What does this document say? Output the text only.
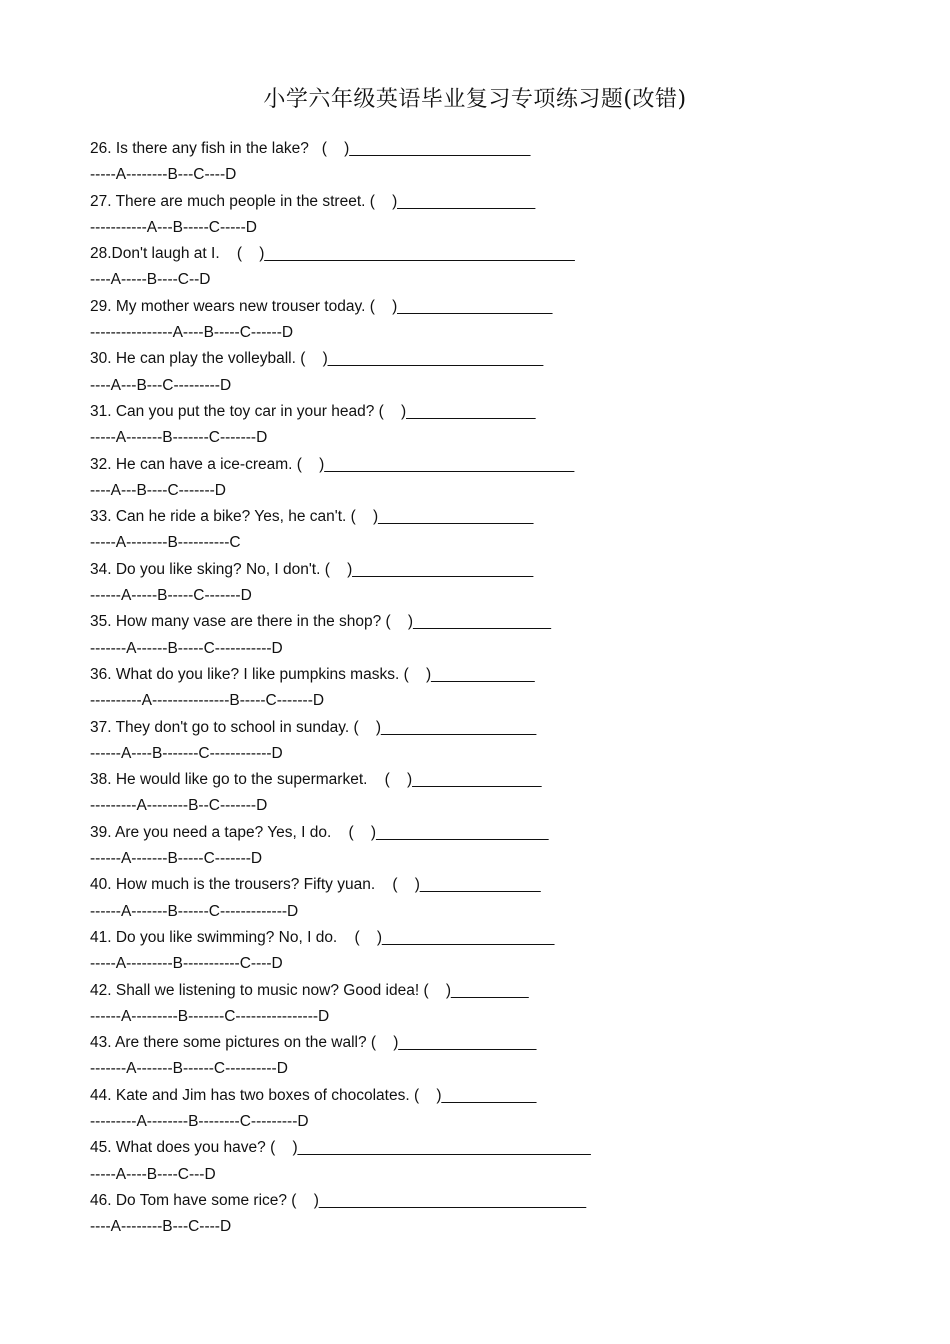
小学六年级英语毕业复习专项练习题(改错)
26. Is there any fish in the lake?   (    )_____________________
-----A--------B---C----D
27. There are much people in the street. (    )________________
-----------A---B-----C-----D
28.Don't laugh at I.    (    )____________________________________
----A-----B----C--D
29. My mother wears new trouser today. (    )__________________
----------------A----B-----C------D
30. He can play the volleyball. (    )_________________________
----A---B---C---------D
31. Can you put the toy car in your head? (    )_______________
-----A-------B-------C-------D
32. He can have a ice-cream. (    )_____________________________
----A---B----C-------D
33. Can he ride a bike? Yes, he can't. (    )__________________
-----A--------B----------C
34. Do you like sking? No, I don't. (    )_____________________
------A-----B-----C-------D
35. How many vase are there in the shop? (    )________________
-------A------B-----C-----------D
36. What do you like? I like pumpkins masks. (    )____________
----------A---------------B-----C-------D
37. They don't go to school in sunday. (    )__________________
------A----B-------C------------D
38. He would like go to the supermarket.    (    )_______________
---------A--------B--C-------D
39. Are you need a tape? Yes, I do.    (    )____________________
------A-------B-----C-------D
40. How much is the trousers? Fifty yuan.    (    )______________
------A-------B------C-------------D
41. Do you like swimming? No, I do.    (    )____________________
-----A---------B-----------C----D
42. Shall we listening to music now? Good idea! (    )_________
------A---------B-------C----------------D
43. Are there some pictures on the wall? (    )________________
-------A-------B------C----------D
44. Kate and Jim has two boxes of chocolates. (    )___________
---------A--------B--------C---------D
45. What does you have? (    )__________________________________
-----A----B----C---D
46. Do Tom have some rice? (    )_______________________________
----A--------B---C----D
